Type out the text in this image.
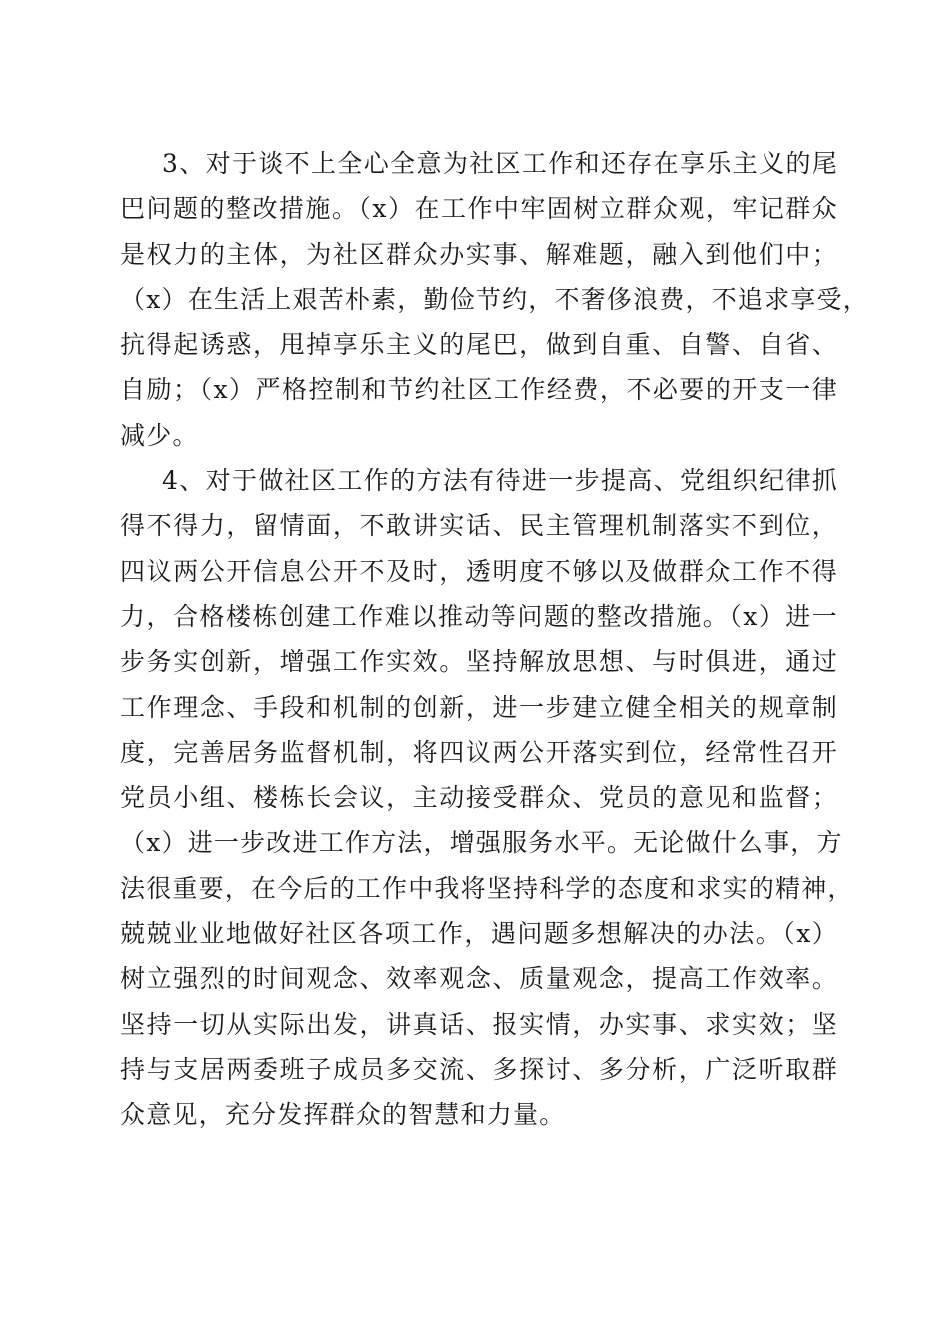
3、对于谈不上全心全意为社区工作和还存在享乐主义的尾
巴问题的整改措施。（x）在工作中牢固树立群众观，牢记群众
是权力的主体，为社区群众办实事、解难题，融入到他们中；
（x）在生活上艰苦朴素，勤俭节约，不奢侈浪费，不追求享受，
抗得起诱惑，甩掉享乐主义的尾巴，做到自重、自警、自省、
自励；（x）严格控制和节约社区工作经费，不必要的开支一律
减少。
4、对于做社区工作的方法有待进一步提高、党组织纪律抓
得不得力，留情面，不敢讲实话、民主管理机制落实不到位，
四议两公开信息公开不及时，透明度不够以及做群众工作不得
力，合格楼栋创建工作难以推动等问题的整改措施。（x）进一
步务实创新，增强工作实效。坚持解放思想、与时俱进，通过
工作理念、手段和机制的创新，进一步建立健全相关的规章制
度，完善居务监督机制，将四议两公开落实到位，经常性召开
党员小组、楼栋长会议，主动接受群众、党员的意见和监督；
（x）进一步改进工作方法，增强服务水平。无论做什么事，方
法很重要，在今后的工作中我将坚持科学的态度和求实的精神，
兢兢业业地做好社区各项工作，遇问题多想解决的办法。（x）
树立强烈的时间观念、效率观念、质量观念，提高工作效率。
坚持一切从实际出发，讲真话、报实情，办实事、求实效；坚
持与支居两委班子成员多交流、多探讨、多分析，广泛听取群
众意见，充分发挥群众的智慧和力量。
